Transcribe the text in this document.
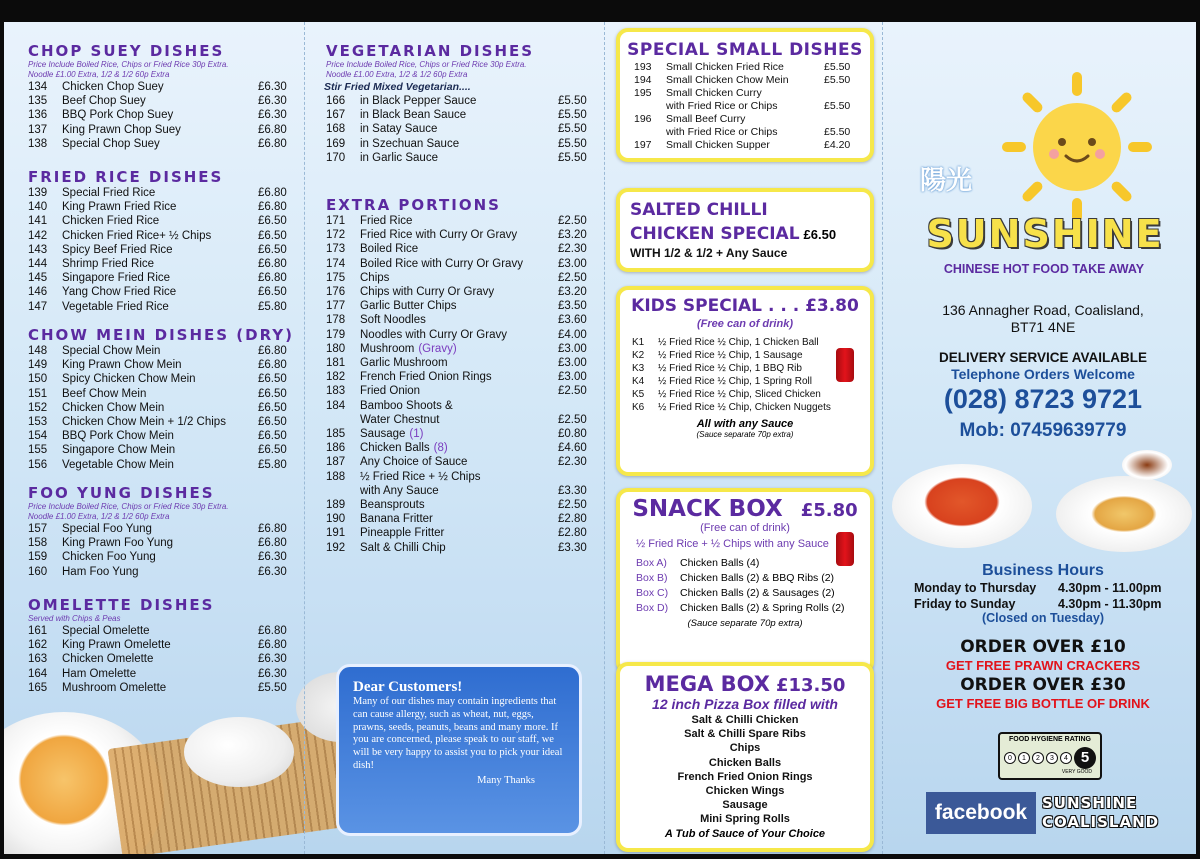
CHOP SUEY DISHES
Price Include Boiled Rice, Chips or Fried Rice 30p Extra.
Noodle £1.00 Extra, 1/2 & 1/2 60p Extra
134	Chicken Chop Suey	£6.30
135	Beef Chop Suey	£6.30
136	BBQ Pork Chop Suey	£6.30
137	King Prawn Chop Suey	£6.80
138	Special Chop Suey	£6.80
FRIED RICE DISHES
139	Special Fried Rice	£6.80
140	King Prawn Fried Rice	£6.80
141	Chicken Fried Rice	£6.50
142	Chicken Fried Rice+ ½ Chips	£6.50
143	Spicy Beef Fried Rice	£6.50
144	Shrimp Fried Rice	£6.80
145	Singapore Fried Rice	£6.80
146	Yang Chow Fried Rice	£6.50
147	Vegetable Fried Rice	£5.80
CHOW MEIN DISHES (DRY)
148	Special Chow Mein	£6.80
149	King Prawn Chow Mein	£6.80
150	Spicy Chicken Chow Mein	£6.50
151	Beef Chow Mein	£6.50
152	Chicken Chow Mein	£6.50
153	Chicken Chow Mein + 1/2 Chips	£6.50
154	BBQ Pork Chow Mein	£6.50
155	Singapore Chow Mein	£6.50
156	Vegetable Chow Mein	£5.80
FOO YUNG DISHES
Price Include Boiled Rice, Chips or Fried Rice 30p Extra.
Noodle £1.00 Extra, 1/2 & 1/2 60p Extra
157	Special Foo Yung	£6.80
158	King Prawn Foo Yung	£6.80
159	Chicken Foo Yung	£6.30
160	Ham Foo Yung	£6.30
OMELETTE DISHES
Served with Chips & Peas
161	Special Omelette	£6.80
162	King Prawn Omelette	£6.80
163	Chicken Omelette	£6.30
164	Ham Omelette	£6.30
165	Mushroom Omelette	£5.50
VEGETARIAN DISHES
Price Include Boiled Rice, Chips or Fried Rice 30p Extra.
Noodle £1.00 Extra, 1/2 & 1/2 60p Extra
Stir Fried Mixed Vegetarian....
166	in Black Pepper Sauce	£5.50
167	in Black Bean Sauce	£5.50
168	in Satay Sauce	£5.50
169	in Szechuan Sauce	£5.50
170	in Garlic Sauce	£5.50
EXTRA PORTIONS
171	Fried Rice	£2.50
172	Fried Rice with Curry Or Gravy	£3.20
173	Boiled Rice	£2.30
174	Boiled Rice with Curry Or Gravy	£3.00
175	Chips	£2.50
176	Chips with Curry Or Gravy	£3.20
177	Garlic Butter Chips	£3.50
178	Soft Noodles	£3.60
179	Noodles with Curry Or Gravy	£4.00
180	Mushroom (Gravy)	£3.00
181	Garlic Mushroom	£3.00
182	French Fried Onion Rings	£3.00
183	Fried Onion	£2.50
184	Bamboo Shoots &
Water Chestnut	£2.50
185	Sausage (1)	£0.80
186	Chicken Balls (8)	£4.60
187	Any Choice of Sauce	£2.30
188	½ Fried Rice + ½ Chips
with Any Sauce	£3.30
189	Beansprouts	£2.50
190	Banana Fritter	£2.80
191	Pineapple Fritter	£2.80
192	Salt & Chilli Chip	£3.30
Dear Customers!

Many of our dishes may contain ingredients that can cause allergy, such as wheat, nut, eggs, prawns, seeds, peanuts, beans and many more. If you are concerned, please speak to our staff, we will be very happy to assist you to pick your ideal dish!

Many Thanks

SPECIAL SMALL DISHES
193	Small Chicken Fried Rice	£5.50
194	Small Chicken Chow Mein	£5.50
195	Small Chicken Curry
with Fried Rice or Chips	£5.50
196	Small Beef Curry
with Fried Rice or Chips	£5.50
197	Small Chicken Supper	£4.20
SALTED CHILLI
CHICKEN SPECIAL £6.50
WITH 1/2 & 1/2 + Any Sauce
KIDS SPECIAL . . . £3.80
(Free can of drink)
K1	½ Fried Rice ½ Chip, 1 Chicken Ball
K2	½ Fried Rice ½ Chip, 1 Sausage
K3	½ Fried Rice ½ Chip, 1 BBQ Rib
K4	½ Fried Rice ½ Chip, 1 Spring Roll
K5	½ Fried Rice ½ Chip, Sliced Chicken
K6	½ Fried Rice ½ Chip, Chicken Nuggets
All with any Sauce
(Sauce separate 70p extra)
SNACK BOX £5.80
(Free can of drink)
½ Fried Rice + ½ Chips with any Sauce
Box A)	Chicken Balls (4)
Box B)	Chicken Balls (2) & BBQ Ribs (2)
Box C)	Chicken Balls (2) & Sausages (2)
Box D)	Chicken Balls (2) & Spring Rolls (2)
(Sauce separate 70p extra)
MEGA BOX £13.50
12 inch Pizza Box filled with
Salt & Chilli Chicken
Salt & Chilli Spare Ribs
Chips
Chicken Balls
French Fried Onion Rings
Chicken Wings
Sausage
Mini Spring Rolls
A Tub of Sauce of Your Choice
陽光
SUNSHINE
CHINESE HOT FOOD TAKE AWAY
136 Annagher Road, Coalisland,
BT71 4NE
DELIVERY SERVICE AVAILABLE
Telephone Orders Welcome
(028) 8723 9721
Mob: 07459639779
Business Hours
Monday to Thursday	4.30pm - 11.00pm
Friday to Sunday	4.30pm - 11.30pm
(Closed on Tuesday)
ORDER OVER £10
GET FREE PRAWN CRACKERS
ORDER OVER £30
GET FREE BIG BOTTLE OF DRINK
FOOD HYGIENE RATING
0	1	2	3	4 5
VERY GOOD
facebook SUNSHINE
COALISLAND
